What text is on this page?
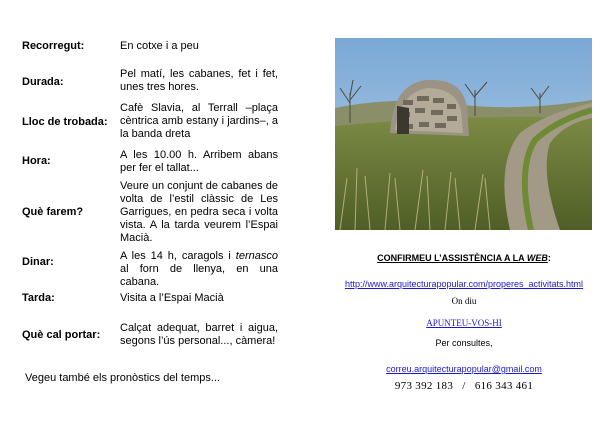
Recorregut:	En cotxe i a peu
Durada:
Pel matí, les cabanes, fet i fet, unes tres hores.
Lloc de trobada:
Cafè Slavia, al Terrall –plaça cèntrica amb estany i jardins–, a la banda dreta
Hora:	A les 10.00 h. Arribem abans per fer el tallat...
Què farem?
Veure un conjunt de cabanes de volta de l’estil clàssic de Les Garrigues, en pedra seca i volta vista. A la tarda veurem l’Espai Macià.
Dinar:	A les 14 h, caragols i ternasco al forn de llenya, en una cabana.
Tarda:	Visita a l’Espai Macià
Què cal portar:
Calçat adequat, barret i aigua, segons l’ús personal..., càmera!
Vegeu també els pronòstics del temps...
CONFIRMEU L’ASSISTÈNCIA A LA WEB:
http://www.arquitecturapopular.com/properes_activitats.html
On diu
APUNTEU-VOS-HI
Per consultes,
correu.arquitecturapopular@gmail.com
973 392 183   /   616 343 461
